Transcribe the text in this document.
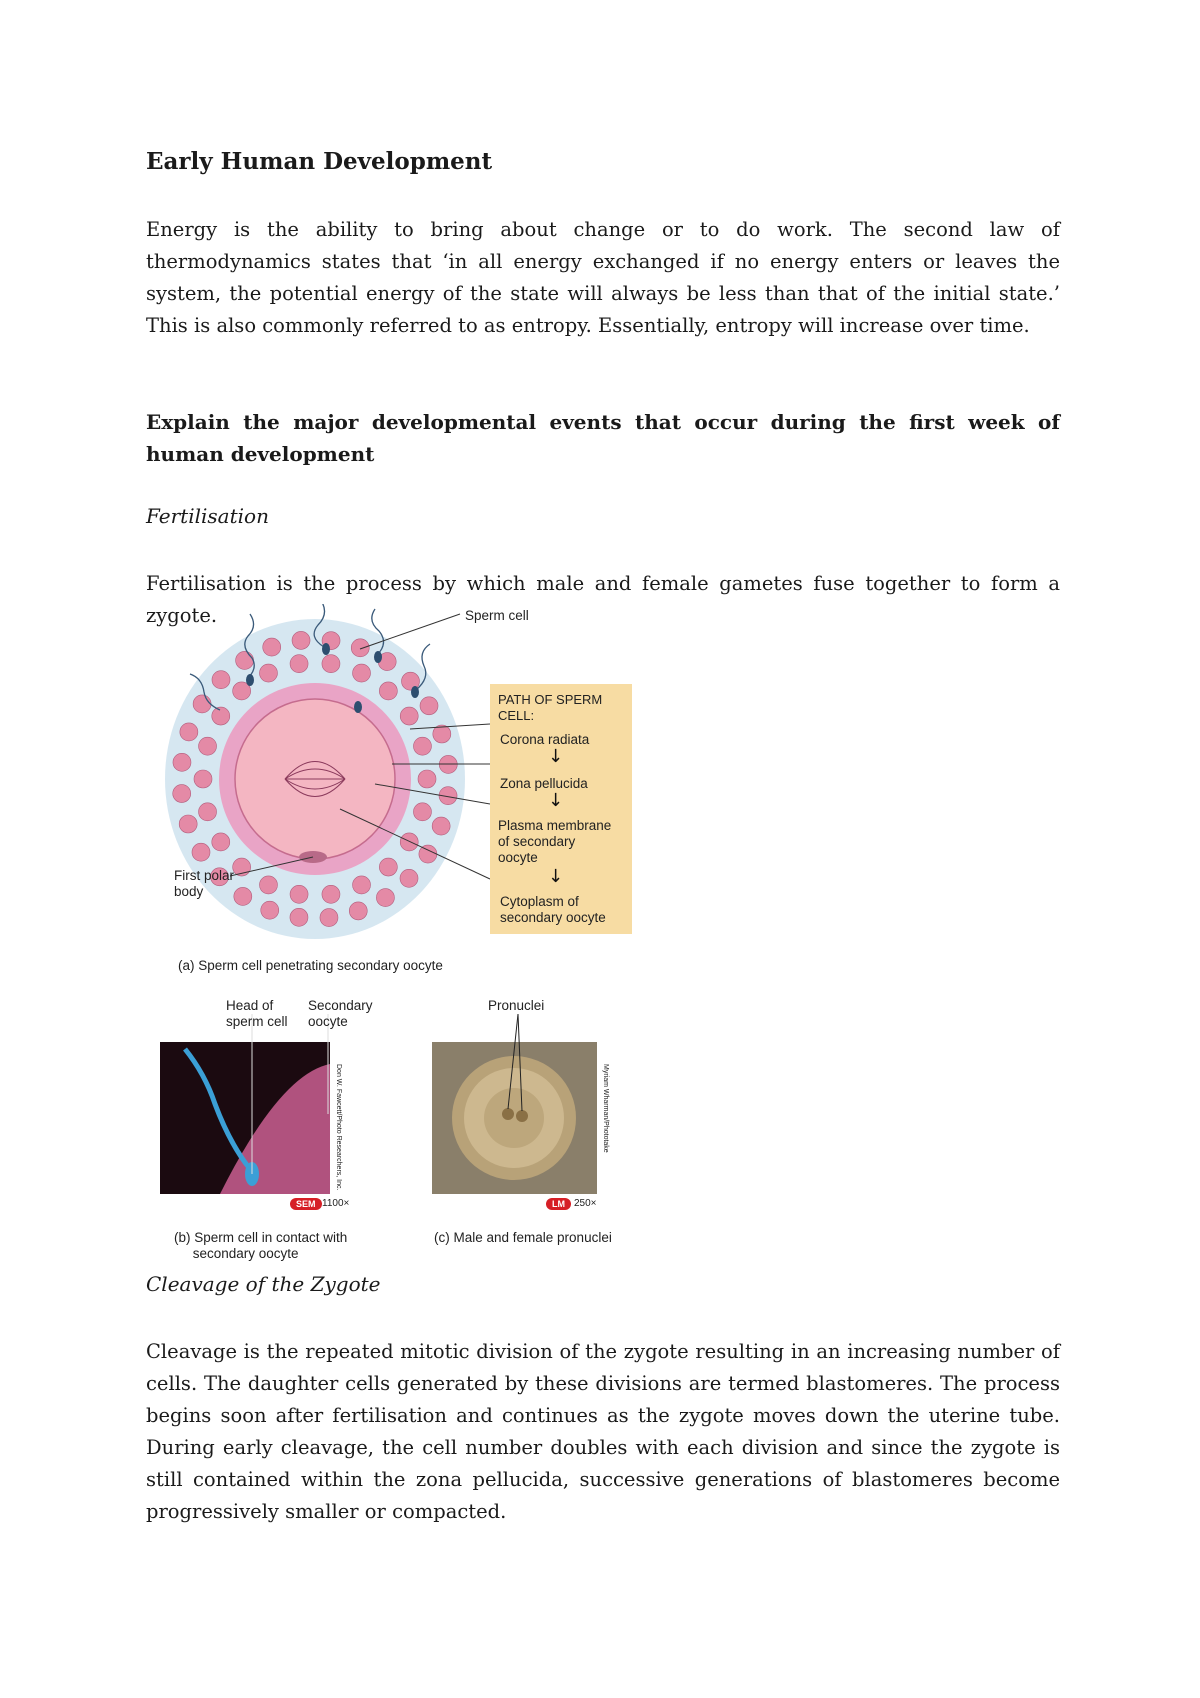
Early Human Development

Energy is the ability to bring about change or to do work. The second law of thermodynamics states that ‘in all energy exchanged if no energy enters or leaves the system, the potential energy of the state will always be less than that of the initial state.’ This is also commonly referred to as entropy. Essentially, entropy will increase over time.

Explain the major developmental events that occur during the first week of human development

Fertilisation

Fertilisation is the process by which male and female gametes fuse together to form a zygote.	Sperm cell
PATH OF SPERM
CELL:
Corona radiata
↓
Zona pellucida
↓
Plasma membrane
of secondary
oocyte
↓
Cytoplasm of
secondary oocyte
First polar
body
(a) Sperm cell penetrating secondary oocyte
Head of
sperm cell
Secondary
oocyte
Pronuclei
Don W. Fawcett/Photo Researchers, Inc.	Myriam Wharman/Phototake
SEM 1100×	LM 250×
(b) Sperm cell in contact with
secondary oocyte
(c) Male and female pronuclei

Cleavage of the Zygote

Cleavage is the repeated mitotic division of the zygote resulting in an increasing number of cells. The daughter cells generated by these divisions are termed blastomeres. The process begins soon after fertilisation and continues as the zygote moves down the uterine tube. During early cleavage, the cell number doubles with each division and since the zygote is still contained within the zona pellucida, successive generations of blastomeres become progressively smaller or compacted.
